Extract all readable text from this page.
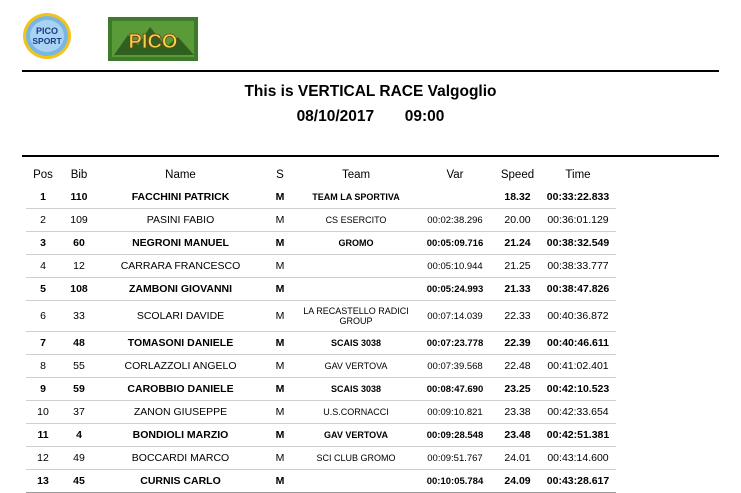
PICO
SPORT	PICO
This is VERTICAL RACE Valgoglio
08/10/2017 09:00
Pos	Bib	Name	S	Team	Var	Speed	Time
1	110	FACCHINI PATRICK	M	TEAM LA SPORTIVA		18.32	00:33:22.833
2	109	PASINI FABIO	M	CS ESERCITO	00:02:38.296	20.00	00:36:01.129
3	60	NEGRONI MANUEL	M	GROMO	00:05:09.716	21.24	00:38:32.549
4	12	CARRARA FRANCESCO	M		00:05:10.944	21.25	00:38:33.777
5	108	ZAMBONI GIOVANNI	M		00:05:24.993	21.33	00:38:47.826
6	33	SCOLARI DAVIDE	M	LA RECASTELLO RADICI GROUP	00:07:14.039	22.33	00:40:36.872
7	48	TOMASONI DANIELE	M	SCAIS 3038	00:07:23.778	22.39	00:40:46.611
8	55	CORLAZZOLI ANGELO	M	GAV VERTOVA	00:07:39.568	22.48	00:41:02.401
9	59	CAROBBIO DANIELE	M	SCAIS 3038	00:08:47.690	23.25	00:42:10.523
10	37	ZANON GIUSEPPE	M	U.S.CORNACCI	00:09:10.821	23.38	00:42:33.654
11	4	BONDIOLI MARZIO	M	GAV VERTOVA	00:09:28.548	23.48	00:42:51.381
12	49	BOCCARDI MARCO	M	SCI CLUB GROMO	00:09:51.767	24.01	00:43:14.600
13	45	CURNIS CARLO	M		00:10:05.784	24.09	00:43:28.617
